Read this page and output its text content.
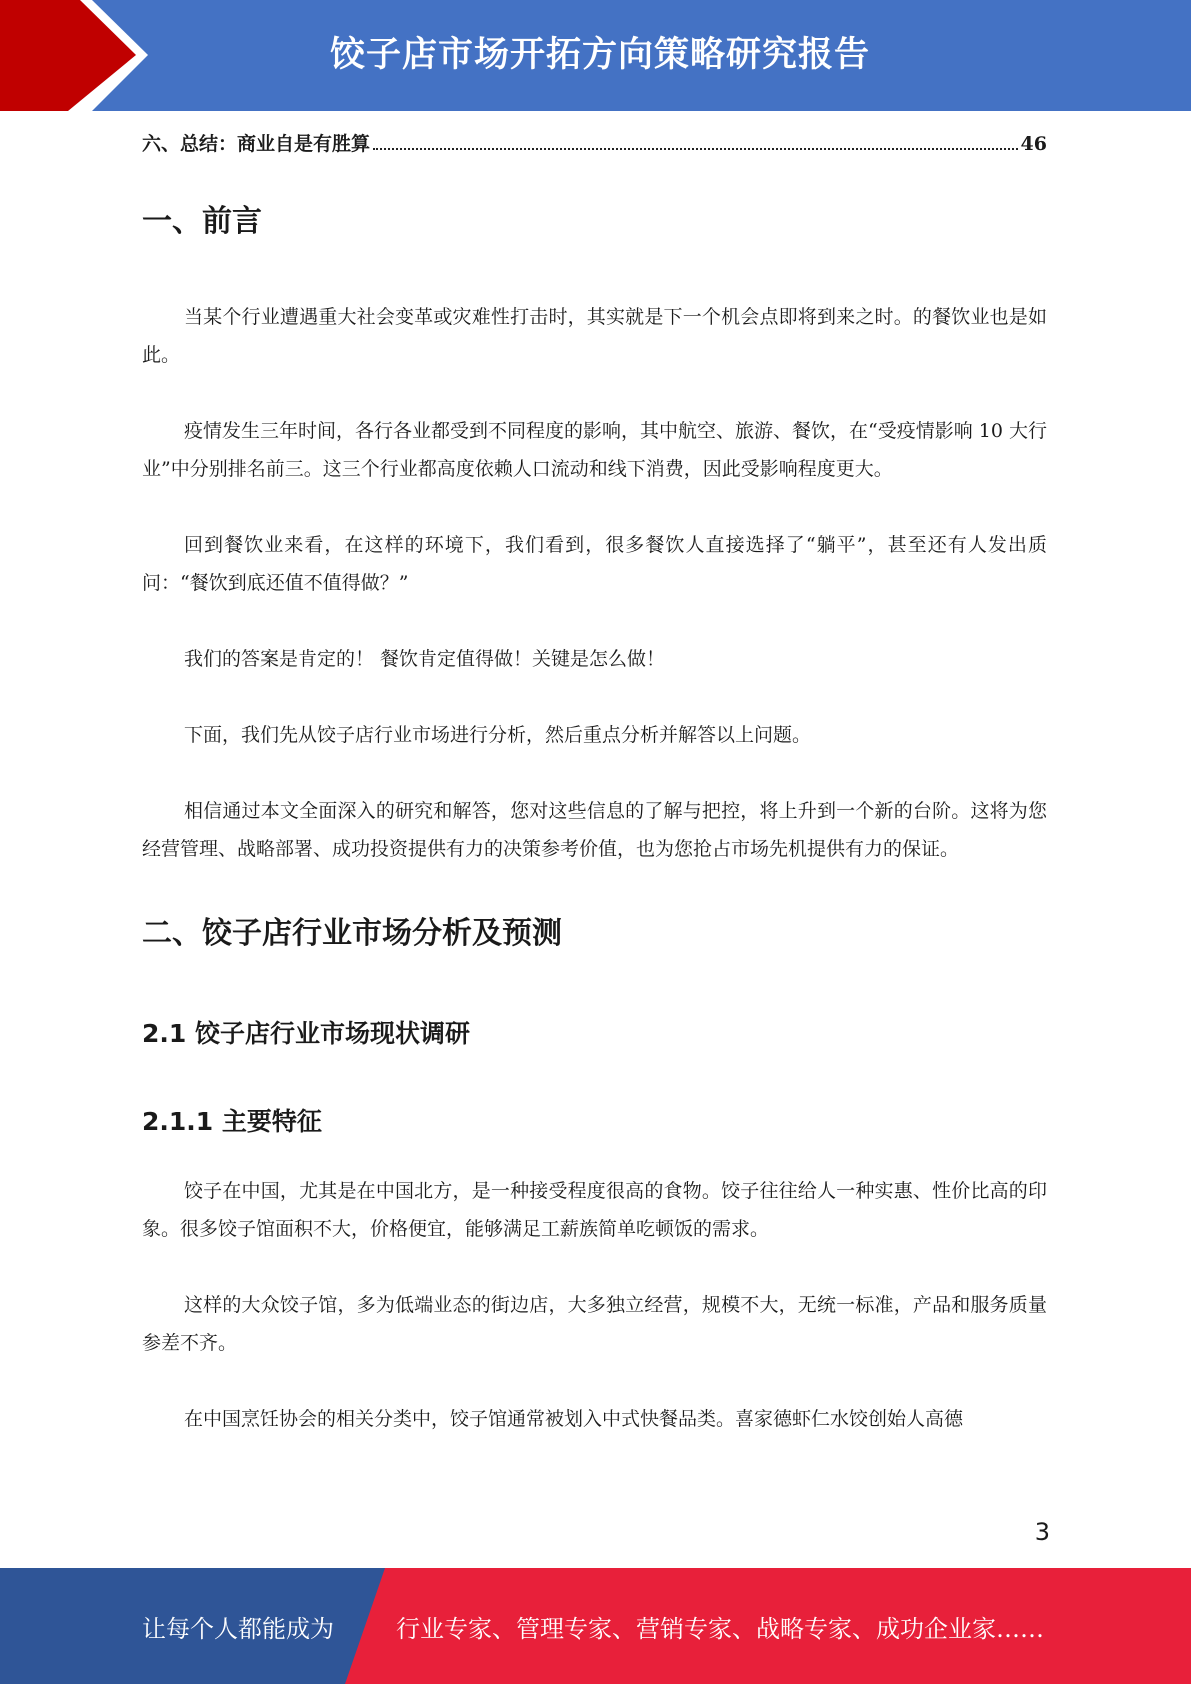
饺子店市场开拓方向策略研究报告
六、总结：商业自是有胜算	46
一、前言

当某个行业遭遇重大社会变革或灾难性打击时，其实就是下一个机会点即将到来之时。的餐饮业也是如此。

疫情发生三年时间，各行各业都受到不同程度的影响，其中航空、旅游、餐饮，在“受疫情影响 10 大行业”中分别排名前三。这三个行业都高度依赖人口流动和线下消费，因此受影响程度更大。

回到餐饮业来看，在这样的环境下，我们看到，很多餐饮人直接选择了“躺平”，甚至还有人发出质问：“餐饮到底还值不值得做？”

我们的答案是肯定的！ 餐饮肯定值得做！关键是怎么做！

下面，我们先从饺子店行业市场进行分析，然后重点分析并解答以上问题。

相信通过本文全面深入的研究和解答，您对这些信息的了解与把控，将上升到一个新的台阶。这将为您经营管理、战略部署、成功投资提供有力的决策参考价值，也为您抢占市场先机提供有力的保证。

二、饺子店行业市场分析及预测
2.1 饺子店行业市场现状调研
2.1.1 主要特征

饺子在中国，尤其是在中国北方，是一种接受程度很高的食物。饺子往往给人一种实惠、性价比高的印象。很多饺子馆面积不大，价格便宜，能够满足工薪族简单吃顿饭的需求。

这样的大众饺子馆，多为低端业态的街边店，大多独立经营，规模不大，无统一标准，产品和服务质量参差不齐。

在中国烹饪协会的相关分类中，饺子馆通常被划入中式快餐品类。喜家德虾仁水饺创始人高德

3
让每个人都能成为	行业专家、管理专家、营销专家、战略专家、成功企业家……
